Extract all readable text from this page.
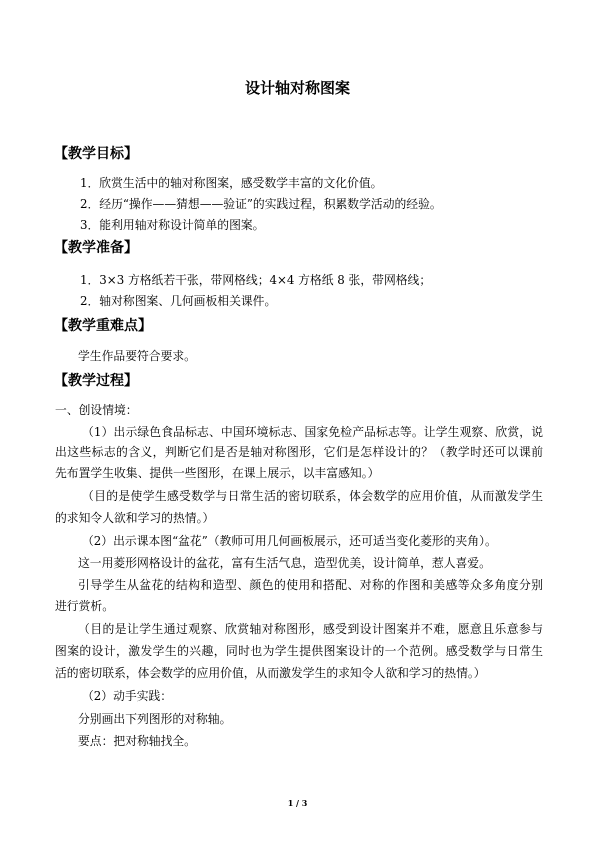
设计轴对称图案
【教学目标】
1．欣赏生活中的轴对称图案，感受数学丰富的文化价值。
2．经历“操作——猜想——验证”的实践过程，积累数学活动的经验。
3．能利用轴对称设计简单的图案。
【教学准备】
1．3×3 方格纸若干张，带网格线；4×4 方格纸 8 张，带网格线；
2．轴对称图案、几何画板相关课件。
【教学重难点】
学生作品要符合要求。
【教学过程】
一、创设情境：
（1）出示绿色食品标志、中国环境标志、国家免检产品标志等。让学生观察、欣赏，说
出这些标志的含义，判断它们是否是轴对称图形，它们是怎样设计的？（教学时还可以课前
先布置学生收集、提供一些图形，在课上展示，以丰富感知。）
（目的是使学生感受数学与日常生活的密切联系，体会数学的应用价值，从而激发学生
的求知令人欲和学习的热情。）
（2）出示课本图“盆花”（教师可用几何画板展示，还可适当变化菱形的夹角）。
这一用菱形网格设计的盆花，富有生活气息，造型优美，设计简单，惹人喜爱。
引导学生从盆花的结构和造型、颜色的使用和搭配、对称的作图和美感等众多角度分别
进行赏析。
（目的是让学生通过观察、欣赏轴对称图形，感受到设计图案并不难，愿意且乐意参与
图案的设计，激发学生的兴趣，同时也为学生提供图案设计的一个范例。感受数学与日常生
活的密切联系，体会数学的应用价值，从而激发学生的求知令人欲和学习的热情。）
（2）动手实践：
分别画出下列图形的对称轴。
要点：把对称轴找全。
1 / 3
